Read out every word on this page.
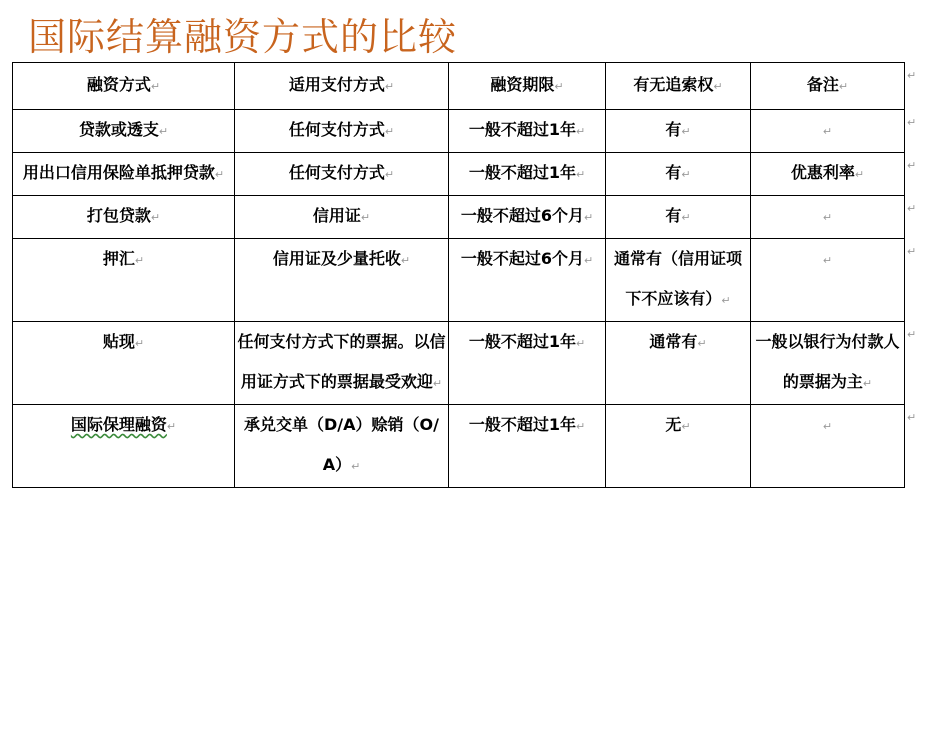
国际结算融资方式的比较
融资方式↵	适用支付方式↵	融资期限↵	有无追索权↵	备注↵
贷款或透支↵	任何支付方式↵	一般不超过1年↵	有↵	↵
用出口信用保险单抵押贷款↵	任何支付方式↵	一般不超过1年↵	有↵	优惠利率↵
打包贷款↵	信用证↵	一般不超过6个月↵	有↵	↵
押汇↵	信用证及少量托收↵	一般不起过6个月↵	通常有（信用证项下不应该有）↵	↵
贴现↵	任何支付方式下的票据。以信用证方式下的票据最受欢迎↵	一般不超过1年↵	通常有↵	一般以银行为付款人的票据为主↵
国际保理融资↵	承兑交单（D/A）赊销（O/A）↵	一般不超过1年↵	无↵	↵
↵
↵
↵
↵
↵
↵
↵
